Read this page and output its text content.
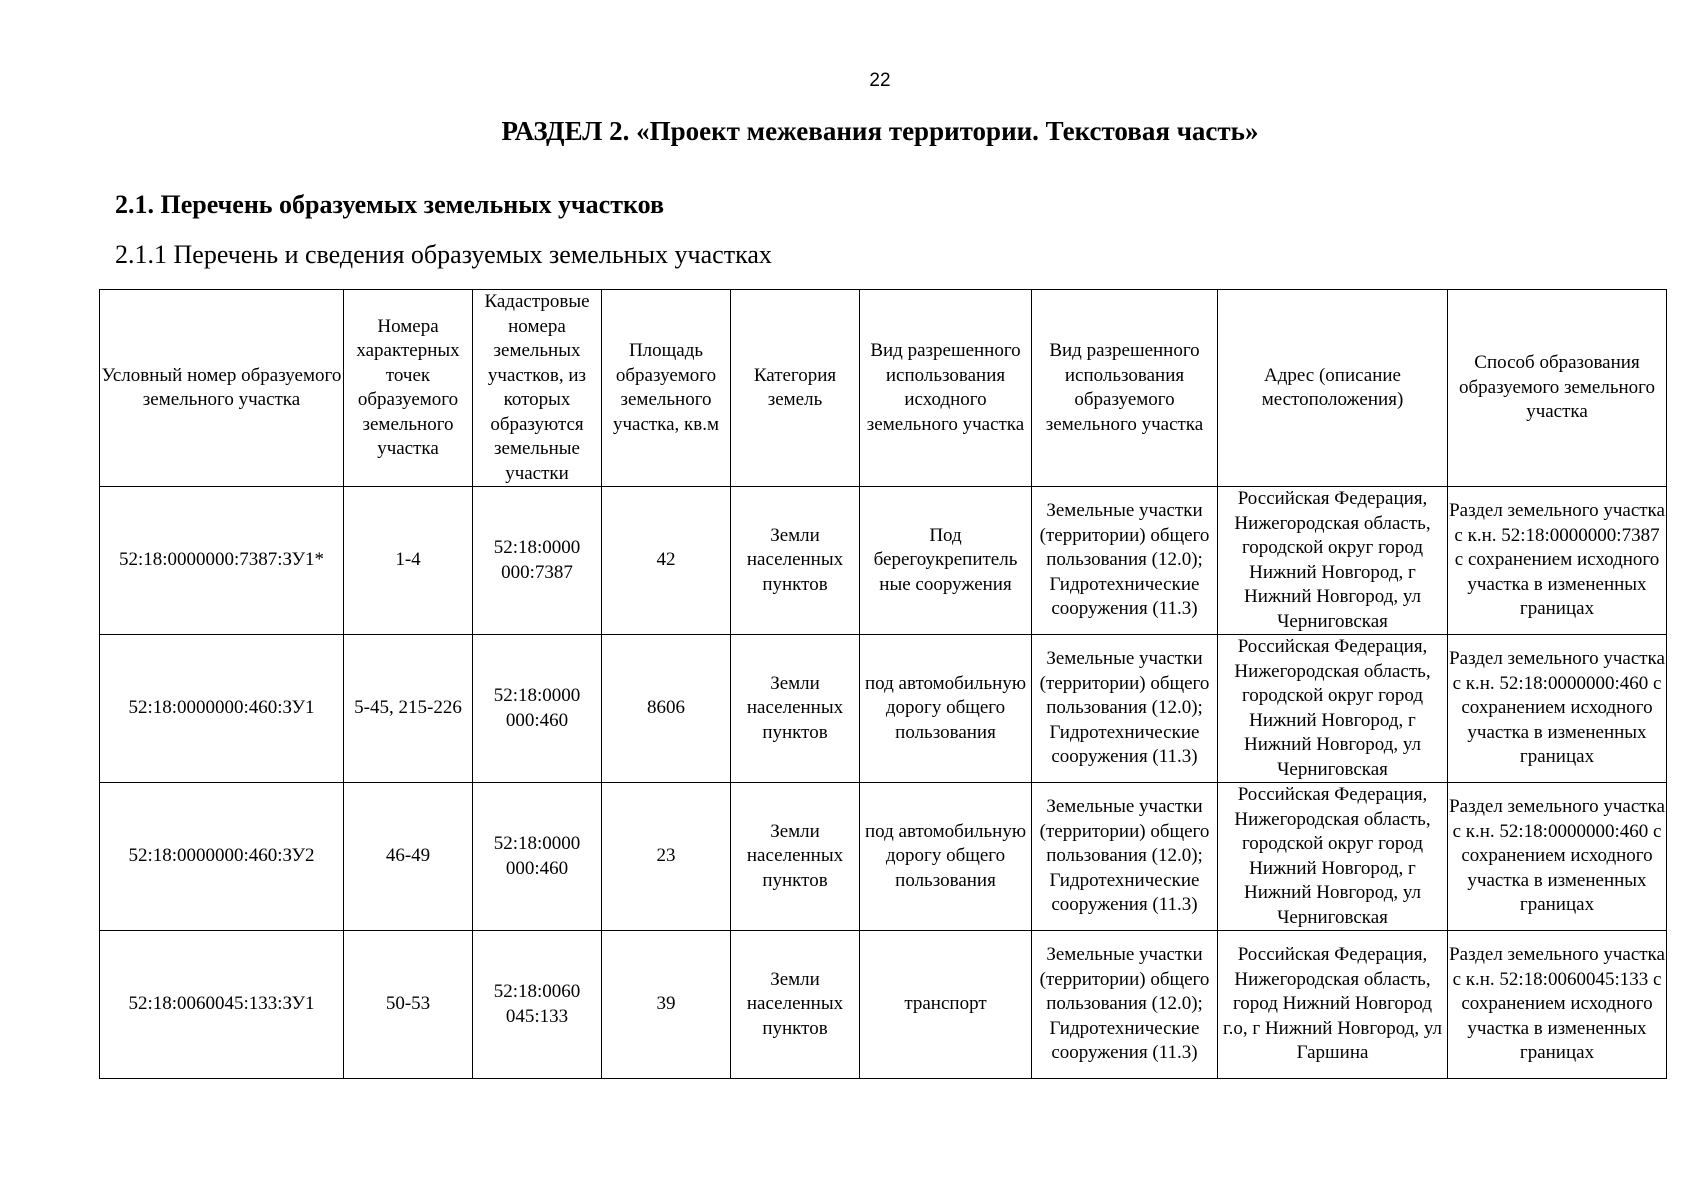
22
РАЗДЕЛ 2. «Проект межевания территории. Текстовая часть»
2.1. Перечень образуемых земельных участков
2.1.1 Перечень и сведения образуемых земельных участках
Условный номер образуемого земельного участка	Номера характерных точек образуемого земельного участка	Кадастровые номера земельных участков, из которых образуются земельные участки	Площадь образуемого земельного участка, кв.м	Категория земель	Вид разрешенного использования исходного земельного участка	Вид разрешенного использования образуемого земельного участка	Адрес (описание местоположения)	Способ образования образуемого земельного участка
52:18:0000000:7387:ЗУ1*	1-4	52:18:0000 000:7387	42	Земли населенных пунктов	Под берегоукрепитель ные сооружения	Земельные участки (территории) общего пользования (12.0); Гидротехнические сооружения (11.3)	Российская Федерация, Нижегородская область, городской округ город Нижний Новгород, г Нижний Новгород, ул Черниговская	Раздел земельного участка с к.н. 52:18:0000000:7387 с сохранением исходного участка в измененных границах
52:18:0000000:460:ЗУ1	5-45, 215-226	52:18:0000 000:460	8606	Земли населенных пунктов	под автомобильную дорогу общего пользования	Земельные участки (территории) общего пользования (12.0); Гидротехнические сооружения (11.3)	Российская Федерация, Нижегородская область, городской округ город Нижний Новгород, г Нижний Новгород, ул Черниговская	Раздел земельного участка с к.н. 52:18:0000000:460 с сохранением исходного участка в измененных границах
52:18:0000000:460:ЗУ2	46-49	52:18:0000 000:460	23	Земли населенных пунктов	под автомобильную дорогу общего пользования	Земельные участки (территории) общего пользования (12.0); Гидротехнические сооружения (11.3)	Российская Федерация, Нижегородская область, городской округ город Нижний Новгород, г Нижний Новгород, ул Черниговская	Раздел земельного участка с к.н. 52:18:0000000:460 с сохранением исходного участка в измененных границах
52:18:0060045:133:ЗУ1	50-53	52:18:0060 045:133	39	Земли населенных пунктов	транспорт	Земельные участки (территории) общего пользования (12.0); Гидротехнические сооружения (11.3)	Российская Федерация, Нижегородская область, город Нижний Новгород г.о, г Нижний Новгород, ул Гаршина	Раздел земельного участка с к.н. 52:18:0060045:133 с сохранением исходного участка в измененных границах
